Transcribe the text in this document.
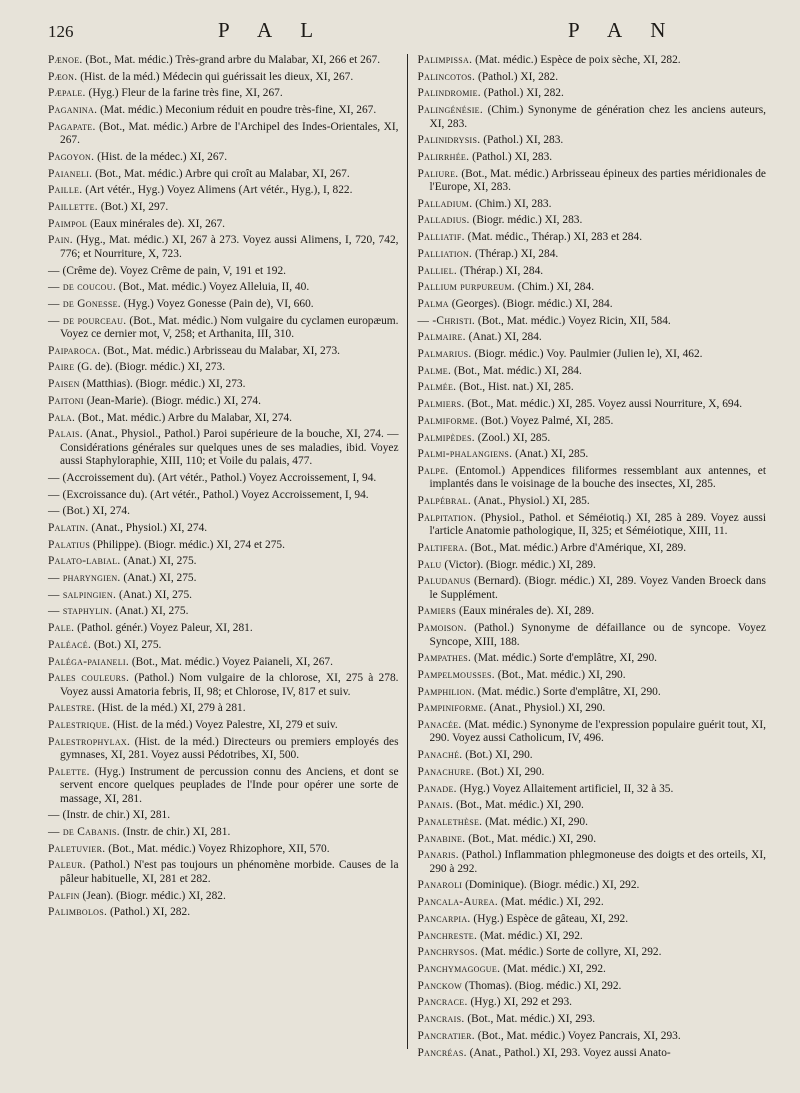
126	P A L	P A N

Pænoe. (Bot., Mat. médic.) Très-grand arbre du Malabar, XI, 266 et 267.

Pæon. (Hist. de la méd.) Médecin qui guérissait les dieux, XI, 267.

Pæpale. (Hyg.) Fleur de la farine très fine, XI, 267.

Paganina. (Mat. médic.) Meconium réduit en poudre très-fine, XI, 267.

Pagapate. (Bot., Mat. médic.) Arbre de l'Archipel des Indes-Orientales, XI, 267.

Pagoyon. (Hist. de la médec.) XI, 267.

Paianeli. (Bot., Mat. médic.) Arbre qui croît au Malabar, XI, 267.

Paille. (Art vétér., Hyg.) Voyez Alimens (Art vétér., Hyg.), I, 822.

Paillette. (Bot.) XI, 297.

Paimpol (Eaux minérales de). XI, 267.

Pain. (Hyg., Mat. médic.) XI, 267 à 273. Voyez aussi Alimens, I, 720, 742, 776; et Nourriture, X, 723.

— (Crême de). Voyez Crême de pain, V, 191 et 192.

— de coucou. (Bot., Mat. médic.) Voyez Alleluia, II, 40.

— de Gonesse. (Hyg.) Voyez Gonesse (Pain de), VI, 660.

— de pourceau. (Bot., Mat. médic.) Nom vulgaire du cyclamen europæum. Voyez ce dernier mot, V, 258; et Arthanita, III, 310.

Paiparoca. (Bot., Mat. médic.) Arbrisseau du Malabar, XI, 273.

Paire (G. de). (Biogr. médic.) XI, 273.

Paisen (Matthias). (Biogr. médic.) XI, 273.

Paitoni (Jean-Marie). (Biogr. médic.) XI, 274.

Pala. (Bot., Mat. médic.) Arbre du Malabar, XI, 274.

Palais. (Anat., Physiol., Pathol.) Paroi supérieure de la bouche, XI, 274. — Considérations générales sur quelques unes de ses maladies, ibid. Voyez aussi Staphyloraphie, XIII, 110; et Voile du palais, 477.

— (Accroissement du). (Art vétér., Pathol.) Voyez Accroissement, I, 94.

— (Excroissance du). (Art vétér., Pathol.) Voyez Accroissement, I, 94.

— (Bot.) XI, 274.

Palatin. (Anat., Physiol.) XI, 274.

Palatius (Philippe). (Biogr. médic.) XI, 274 et 275.

Palato-labial. (Anat.) XI, 275.

— pharyngien. (Anat.) XI, 275.

— salpingien. (Anat.) XI, 275.

— staphylin. (Anat.) XI, 275.

Pale. (Pathol. génér.) Voyez Paleur, XI, 281.

Paléacé. (Bot.) XI, 275.

Paléga-paianeli. (Bot., Mat. médic.) Voyez Paianeli, XI, 267.

Pales couleurs. (Pathol.) Nom vulgaire de la chlorose, XI, 275 à 278. Voyez aussi Amatoria febris, II, 98; et Chlorose, IV, 817 et suiv.

Palestre. (Hist. de la méd.) XI, 279 à 281.

Palestrique. (Hist. de la méd.) Voyez Palestre, XI, 279 et suiv.

Palestrophylax. (Hist. de la méd.) Directeurs ou premiers employés des gymnases, XI, 281. Voyez aussi Pédotribes, XI, 500.

Palette. (Hyg.) Instrument de percussion connu des Anciens, et dont se servent encore quelques peuplades de l'Inde pour opérer une sorte de massage, XI, 281.

— (Instr. de chir.) XI, 281.

— de Cabanis. (Instr. de chir.) XI, 281.

Paletuvier. (Bot., Mat. médic.) Voyez Rhizophore, XII, 570.

Paleur. (Pathol.) N'est pas toujours un phénomène morbide. Causes de la pâleur habituelle, XI, 281 et 282.

Palfin (Jean). (Biogr. médic.) XI, 282.

Palimbolos. (Pathol.) XI, 282.

Palimpissa. (Mat. médic.) Espèce de poix sèche, XI, 282.

Palincotos. (Pathol.) XI, 282.

Palindromie. (Pathol.) XI, 282.

Palingénésie. (Chim.) Synonyme de génération chez les anciens auteurs, XI, 283.

Palinidrysis. (Pathol.) XI, 283.

Palirrhée. (Pathol.) XI, 283.

Paliure. (Bot., Mat. médic.) Arbrisseau épineux des parties méridionales de l'Europe, XI, 283.

Palladium. (Chim.) XI, 283.

Palladius. (Biogr. médic.) XI, 283.

Palliatif. (Mat. médic., Thérap.) XI, 283 et 284.

Palliation. (Thérap.) XI, 284.

Palliel. (Thérap.) XI, 284.

Pallium purpureum. (Chim.) XI, 284.

Palma (Georges). (Biogr. médic.) XI, 284.

— -Christi. (Bot., Mat. médic.) Voyez Ricin, XII, 584.

Palmaire. (Anat.) XI, 284.

Palmarius. (Biogr. médic.) Voy. Paulmier (Julien le), XI, 462.

Palme. (Bot., Mat. médic.) XI, 284.

Palmée. (Bot., Hist. nat.) XI, 285.

Palmiers. (Bot., Mat. médic.) XI, 285. Voyez aussi Nourriture, X, 694.

Palmiforme. (Bot.) Voyez Palmé, XI, 285.

Palmipèdes. (Zool.) XI, 285.

Palmi-phalangiens. (Anat.) XI, 285.

Palpe. (Entomol.) Appendices filiformes ressemblant aux antennes, et implantés dans le voisinage de la bouche des insectes, XI, 285.

Palpébral. (Anat., Physiol.) XI, 285.

Palpitation. (Physiol., Pathol. et Séméiotiq.) XI, 285 à 289. Voyez aussi l'article Anatomie pathologique, II, 325; et Séméiotique, XIII, 11.

Paltifera. (Bot., Mat. médic.) Arbre d'Amérique, XI, 289.

Palu (Victor). (Biogr. médic.) XI, 289.

Paludanus (Bernard). (Biogr. médic.) XI, 289. Voyez Vanden Broeck dans le Supplément.

Pamiers (Eaux minérales de). XI, 289.

Pamoison. (Pathol.) Synonyme de défaillance ou de syncope. Voyez Syncope, XIII, 188.

Pampathes. (Mat. médic.) Sorte d'emplâtre, XI, 290.

Pampelmousses. (Bot., Mat. médic.) XI, 290.

Pamphilion. (Mat. médic.) Sorte d'emplâtre, XI, 290.

Pampiniforme. (Anat., Physiol.) XI, 290.

Panacée. (Mat. médic.) Synonyme de l'expression populaire guérit tout, XI, 290. Voyez aussi Catholicum, IV, 496.

Panaché. (Bot.) XI, 290.

Panachure. (Bot.) XI, 290.

Panade. (Hyg.) Voyez Allaitement artificiel, II, 32 à 35.

Panais. (Bot., Mat. médic.) XI, 290.

Panalethèse. (Mat. médic.) XI, 290.

Panabine. (Bot., Mat. médic.) XI, 290.

Panaris. (Pathol.) Inflammation phlegmoneuse des doigts et des orteils, XI, 290 à 292.

Panaroli (Dominique). (Biogr. médic.) XI, 292.

Pancala-Aurea. (Mat. médic.) XI, 292.

Pancarpia. (Hyg.) Espèce de gâteau, XI, 292.

Panchreste. (Mat. médic.) XI, 292.

Panchrysos. (Mat. médic.) Sorte de collyre, XI, 292.

Panchymagogue. (Mat. médic.) XI, 292.

Panckow (Thomas). (Biog. médic.) XI, 292.

Pancrace. (Hyg.) XI, 292 et 293.

Pancrais. (Bot., Mat. médic.) XI, 293.

Pancratier. (Bot., Mat. médic.) Voyez Pancrais, XI, 293.

Pancréas. (Anat., Pathol.) XI, 293. Voyez aussi Anato-
